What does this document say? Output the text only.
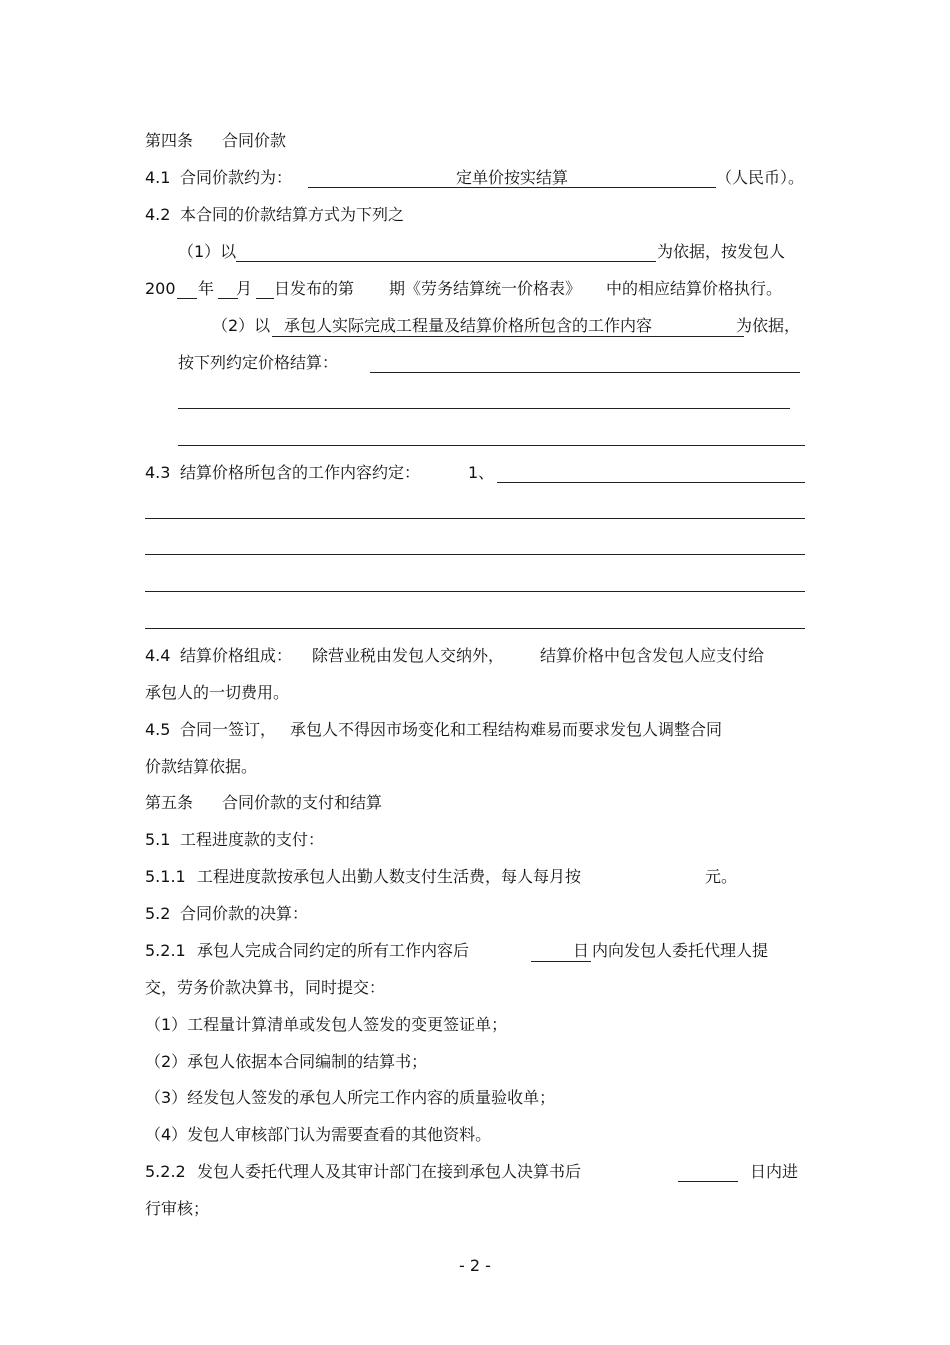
第四条 合同价款
4.1 合同价款约为：	定单价按实结算	（人民币）。
4.2 本合同的价款结算方式为下列之
（1）以	为依据，按发包人
200 年 月 日发布的第 期《劳务结算统一价格表》 中的相应结算价格执行。
（2）以 承包人实际完成工程量及结算价格所包含的工作内容	为依据，
按下列约定价格结算：
4.3 结算价格所包含的工作内容约定：	1、
4.4 结算价格组成： 除营业税由发包人交纳外， 结算价格中包含发包人应支付给
承包人的一切费用。
4.5 合同一签订， 承包人不得因市场变化和工程结构难易而要求发包人调整合同
价款结算依据。
第五条 合同价款的支付和结算
5.1 工程进度款的支付：
5.1.1 工程进度款按承包人出勤人数支付生活费，每人每月按	元。
5.2 合同价款的决算：
5.2.1 承包人完成合同约定的所有工作内容后	日 内向发包人委托代理人提
交，劳务价款决算书，同时提交：
（1）工程量计算清单或发包人签发的变更签证单；
（2）承包人依据本合同编制的结算书；
（3）经发包人签发的承包人所完工作内容的质量验收单；
（4）发包人审核部门认为需要查看的其他资料。
5.2.2 发包人委托代理人及其审计部门在接到承包人决算书后	日内进
行审核；
- 2 -
